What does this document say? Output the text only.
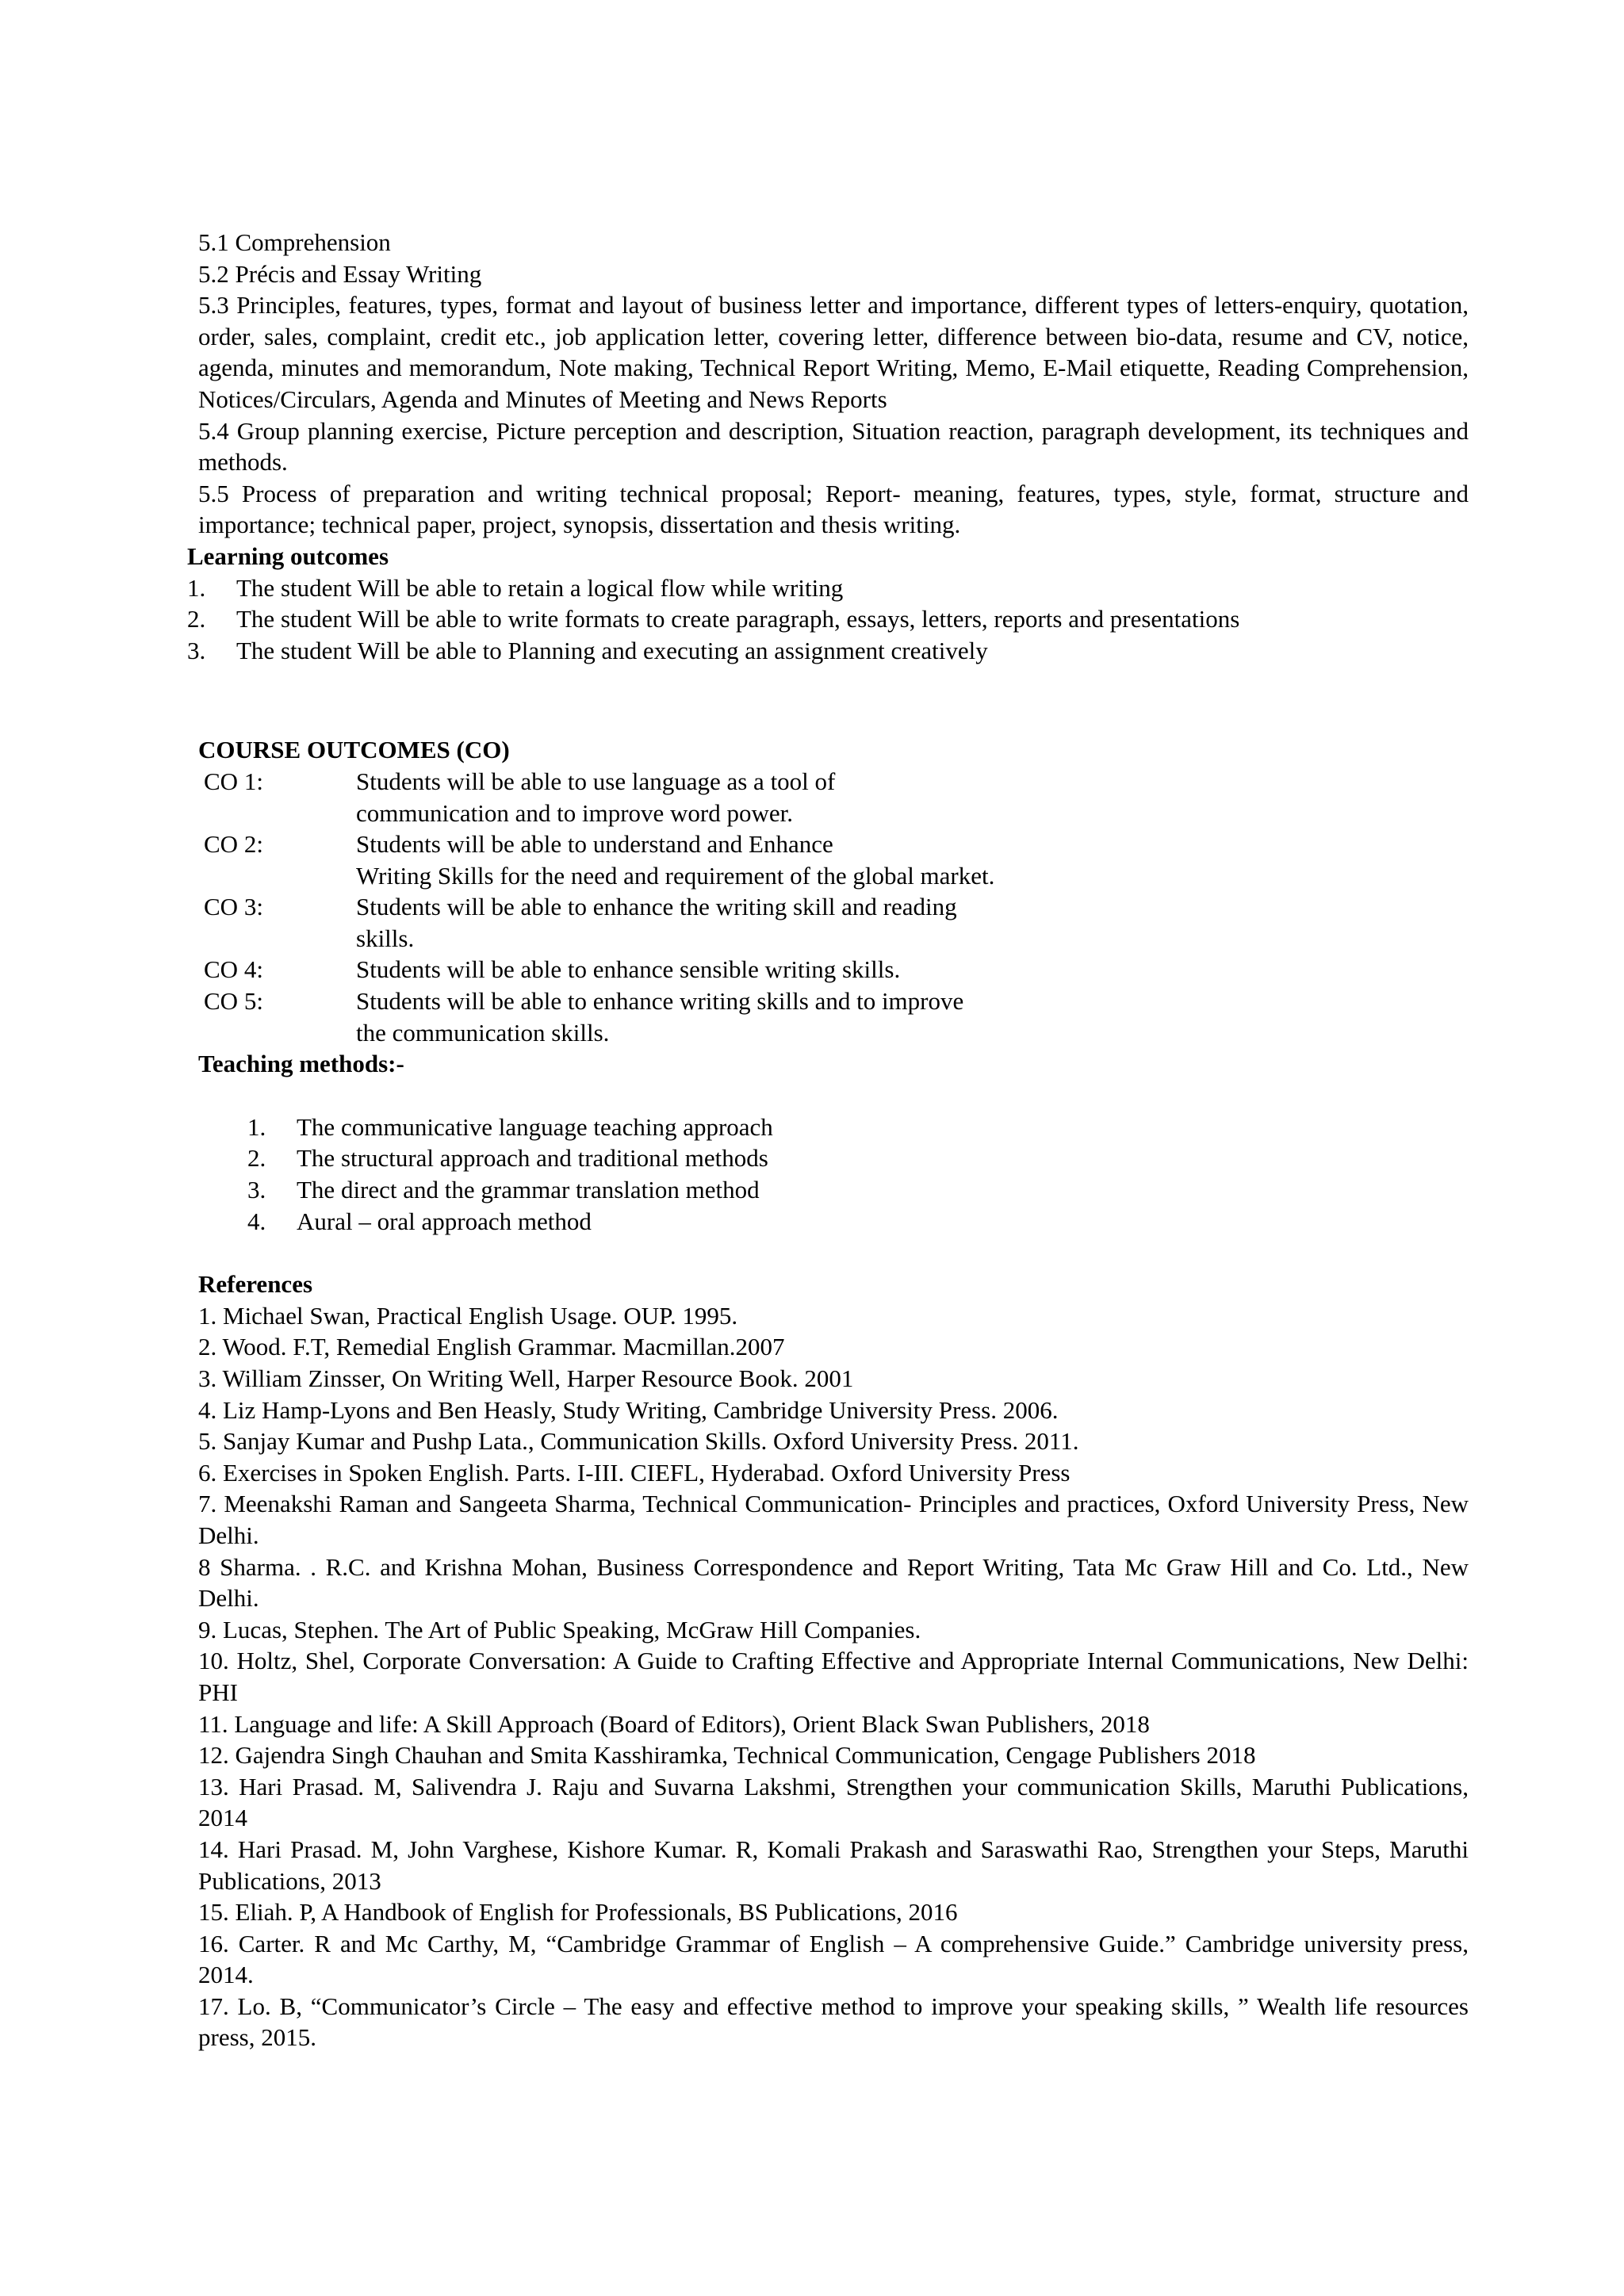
5.1 Comprehension

5.2 Précis and Essay Writing

5.3 Principles, features, types, format and layout of business letter and importance, different types of letters-enquiry, quotation, order, sales, complaint, credit etc., job application letter, covering letter, difference between bio-data, resume and CV, notice, agenda, minutes and memorandum, Note making, Technical Report Writing, Memo, E-Mail etiquette, Reading Comprehension, Notices/Circulars, Agenda and Minutes of Meeting and News Reports

5.4 Group planning exercise, Picture perception and description, Situation reaction, paragraph development, its techniques and methods.

5.5 Process of preparation and writing technical proposal; Report- meaning, features, types, style, format, structure and importance; technical paper, project, synopsis, dissertation and thesis writing.

Learning outcomes

1.	The student Will be able to retain a logical flow while writing
2.	The student Will be able to write formats to create paragraph, essays, letters, reports and presentations
3.	The student Will be able to Planning and executing an assignment creatively

COURSE OUTCOMES (CO)

CO 1:	Students will be able to use language as a tool of
communication and to improve word power.
CO 2:	Students will be able to understand and Enhance
Writing Skills for the need and requirement of the global market.
CO 3:	Students will be able to enhance the writing skill and reading
skills.
CO 4:	Students will be able to enhance sensible writing skills.
CO 5:	Students will be able to enhance writing skills and to improve
the communication skills.

Teaching methods:-

1.	The communicative language teaching approach
2.	The structural approach and traditional methods
3.	The direct and the grammar translation method
4.	Aural – oral approach method

References

1. Michael Swan, Practical English Usage. OUP. 1995.

2. Wood. F.T, Remedial English Grammar. Macmillan.2007

3. William Zinsser, On Writing Well, Harper Resource Book. 2001

4. Liz Hamp-Lyons and Ben Heasly, Study Writing, Cambridge University Press. 2006.

5. Sanjay Kumar and Pushp Lata., Communication Skills. Oxford University Press. 2011.

6. Exercises in Spoken English. Parts. I-III. CIEFL, Hyderabad. Oxford University Press

7. Meenakshi Raman and Sangeeta Sharma, Technical Communication- Principles and practices, Oxford University Press, New Delhi.

8 Sharma. . R.C. and Krishna Mohan, Business Correspondence and Report Writing, Tata Mc Graw Hill and Co. Ltd., New Delhi.

9. Lucas, Stephen. The Art of Public Speaking, McGraw Hill Companies.

10. Holtz, Shel, Corporate Conversation: A Guide to Crafting Effective and Appropriate Internal Communications, New Delhi: PHI

11. Language and life: A Skill Approach (Board of Editors), Orient Black Swan Publishers, 2018

12. Gajendra Singh Chauhan and Smita Kasshiramka, Technical Communication, Cengage Publishers 2018

13. Hari Prasad. M, Salivendra J. Raju and Suvarna Lakshmi, Strengthen your communication Skills, Maruthi Publications, 2014

14. Hari Prasad. M, John Varghese, Kishore Kumar. R, Komali Prakash and Saraswathi Rao, Strengthen your Steps, Maruthi Publications, 2013

15. Eliah. P, A Handbook of English for Professionals, BS Publications, 2016

16. Carter. R and Mc Carthy, M, “Cambridge Grammar of English – A comprehensive Guide.” Cambridge university press, 2014.

17. Lo. B, “Communicator’s Circle – The easy and effective method to improve your speaking skills, ” Wealth life resources press, 2015.
